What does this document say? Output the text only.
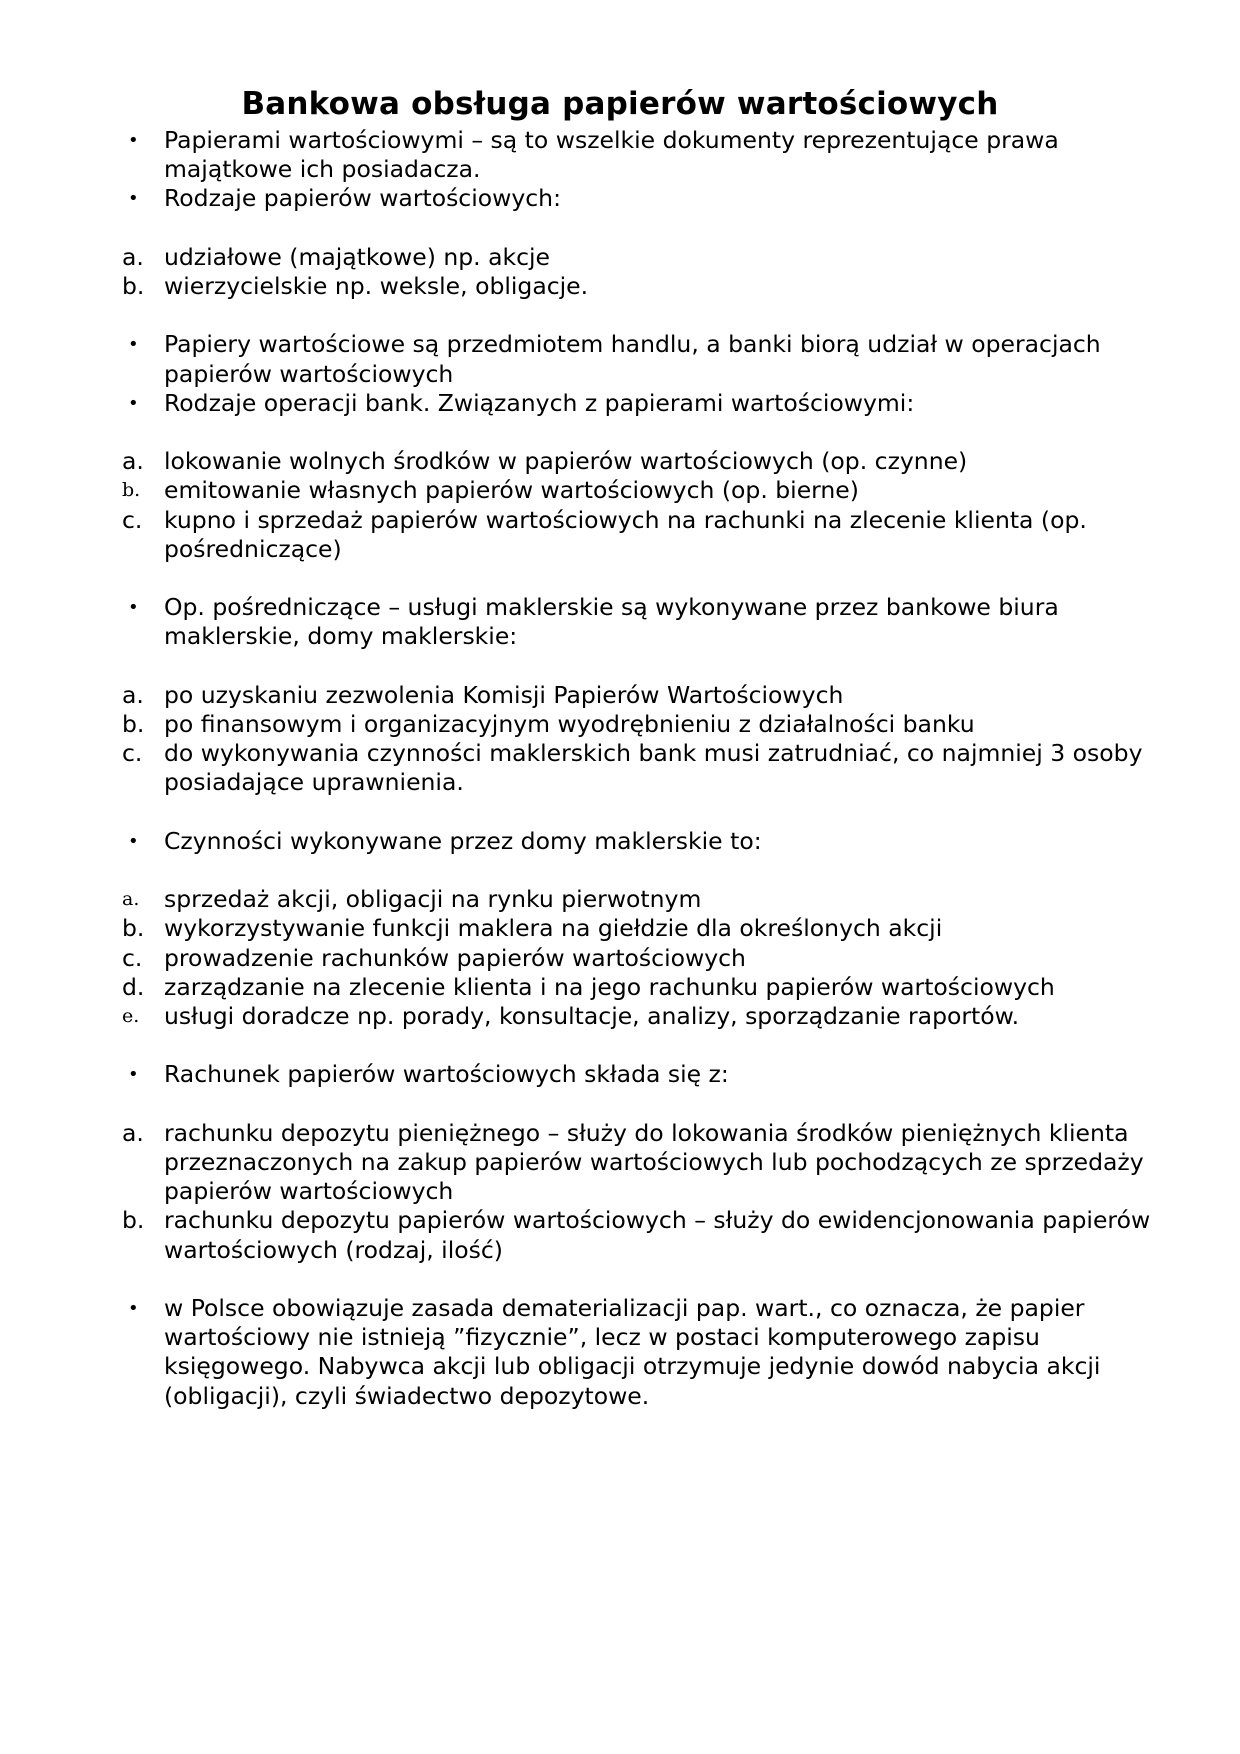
Bankowa obsługa papierów wartościowych
•	Papierami wartościowymi – są to wszelkie dokumenty reprezentujące prawa majątkowe ich posiadacza.
•	Rodzaje papierów wartościowych:
a. udziałowe (majątkowe) np. akcje
b. wierzycielskie np. weksle, obligacje.
•	Papiery wartościowe są przedmiotem handlu, a banki biorą udział w operacjach papierów wartościowych
•	Rodzaje operacji bank. Związanych z papierami wartościowymi:
a. lokowanie wolnych środków w papierów wartościowych (op. czynne)
b.	emitowanie własnych papierów wartościowych (op. bierne)
c. kupno i sprzedaż papierów wartościowych na rachunki na zlecenie klienta (op. pośredniczące)
•	Op. pośredniczące – usługi maklerskie są wykonywane przez bankowe biura maklerskie, domy maklerskie:
a. po uzyskaniu zezwolenia Komisji Papierów Wartościowych
b. po finansowym i organizacyjnym wyodrębnieniu z działalności banku
c. do wykonywania czynności maklerskich bank musi zatrudniać, co najmniej 3 osoby posiadające uprawnienia.
•	Czynności wykonywane przez domy maklerskie to:
a.	sprzedaż akcji, obligacji na rynku pierwotnym
b. wykorzystywanie funkcji maklera na giełdzie dla określonych akcji
c. prowadzenie rachunków papierów wartościowych
d. zarządzanie na zlecenie klienta i na jego rachunku papierów wartościowych
e.	usługi doradcze np. porady, konsultacje, analizy, sporządzanie raportów.
•	Rachunek papierów wartościowych składa się z:
a. rachunku depozytu pieniężnego – służy do lokowania środków pieniężnych klienta przeznaczonych na zakup papierów wartościowych lub pochodzących ze sprzedaży papierów wartościowych
b. rachunku depozytu papierów wartościowych – służy do ewidencjonowania papierów wartościowych (rodzaj, ilość)
•	w Polsce obowiązuje zasada dematerializacji pap. wart., co oznacza, że papier wartościowy nie istnieją ”fizycznie”, lecz w postaci komputerowego zapisu księgowego. Nabywca akcji lub obligacji otrzymuje jedynie dowód nabycia akcji (obligacji), czyli świadectwo depozytowe.
